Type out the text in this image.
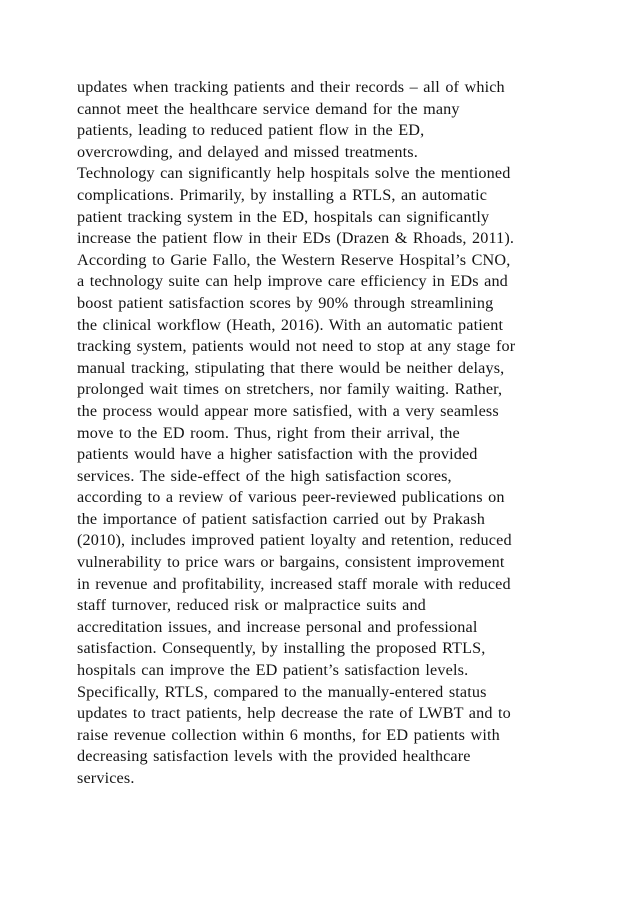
updates when tracking patients and their records – all of which
cannot meet the healthcare service demand for the many
patients, leading to reduced patient flow in the ED,
overcrowding, and delayed and missed treatments.
Technology can significantly help hospitals solve the mentioned
complications. Primarily, by installing a RTLS, an automatic
patient tracking system in the ED, hospitals can significantly
increase the patient flow in their EDs (Drazen & Rhoads, 2011).
According to Garie Fallo, the Western Reserve Hospital’s CNO,
a technology suite can help improve care efficiency in EDs and
boost patient satisfaction scores by 90% through streamlining
the clinical workflow (Heath, 2016). With an automatic patient
tracking system, patients would not need to stop at any stage for
manual tracking, stipulating that there would be neither delays,
prolonged wait times on stretchers, nor family waiting. Rather,
the process would appear more satisfied, with a very seamless
move to the ED room. Thus, right from their arrival, the
patients would have a higher satisfaction with the provided
services. The side-effect of the high satisfaction scores,
according to a review of various peer-reviewed publications on
the importance of patient satisfaction carried out by Prakash
(2010), includes improved patient loyalty and retention, reduced
vulnerability to price wars or bargains, consistent improvement
in revenue and profitability, increased staff morale with reduced
staff turnover, reduced risk or malpractice suits and
accreditation issues, and increase personal and professional
satisfaction. Consequently, by installing the proposed RTLS,
hospitals can improve the ED patient’s satisfaction levels.
Specifically, RTLS, compared to the manually-entered status
updates to tract patients, help decrease the rate of LWBT and to
raise revenue collection within 6 months, for ED patients with
decreasing satisfaction levels with the provided healthcare
services.
